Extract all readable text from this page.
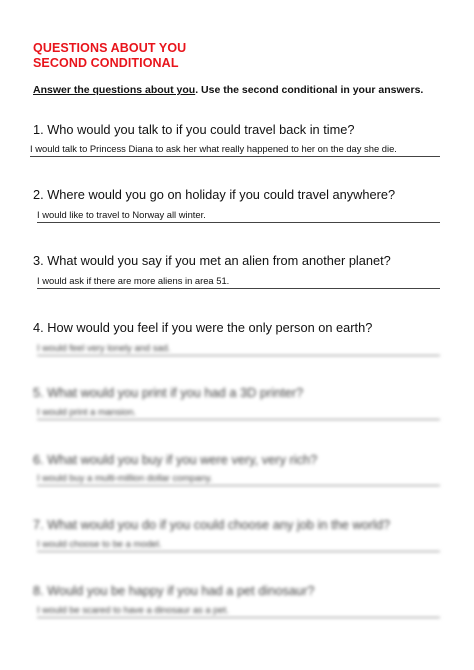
QUESTIONS ABOUT YOU
SECOND CONDITIONAL
Answer the questions about you. Use the second conditional in your answers.
1. Who would you talk to if you could travel back in time?
I would talk to Princess Diana to ask her what really happened to her on the day she die.
2. Where would you go on holiday if you could travel anywhere?
I would like to travel to Norway all winter.
3. What would you say if you met an alien from another planet?
I would ask if there are more aliens in area 51.
4. How would you feel if you were the only person on earth?
I would feel very lonely and sad.
5. What would you print if you had a 3D printer?
I would print a mansion.
6. What would you buy if you were very, very rich?
I would buy a multi-million dollar company.
7. What would you do if you could choose any job in the world?
I would choose to be a model.
8. Would you be happy if you had a pet dinosaur?
I would be scared to have a dinosaur as a pet.
